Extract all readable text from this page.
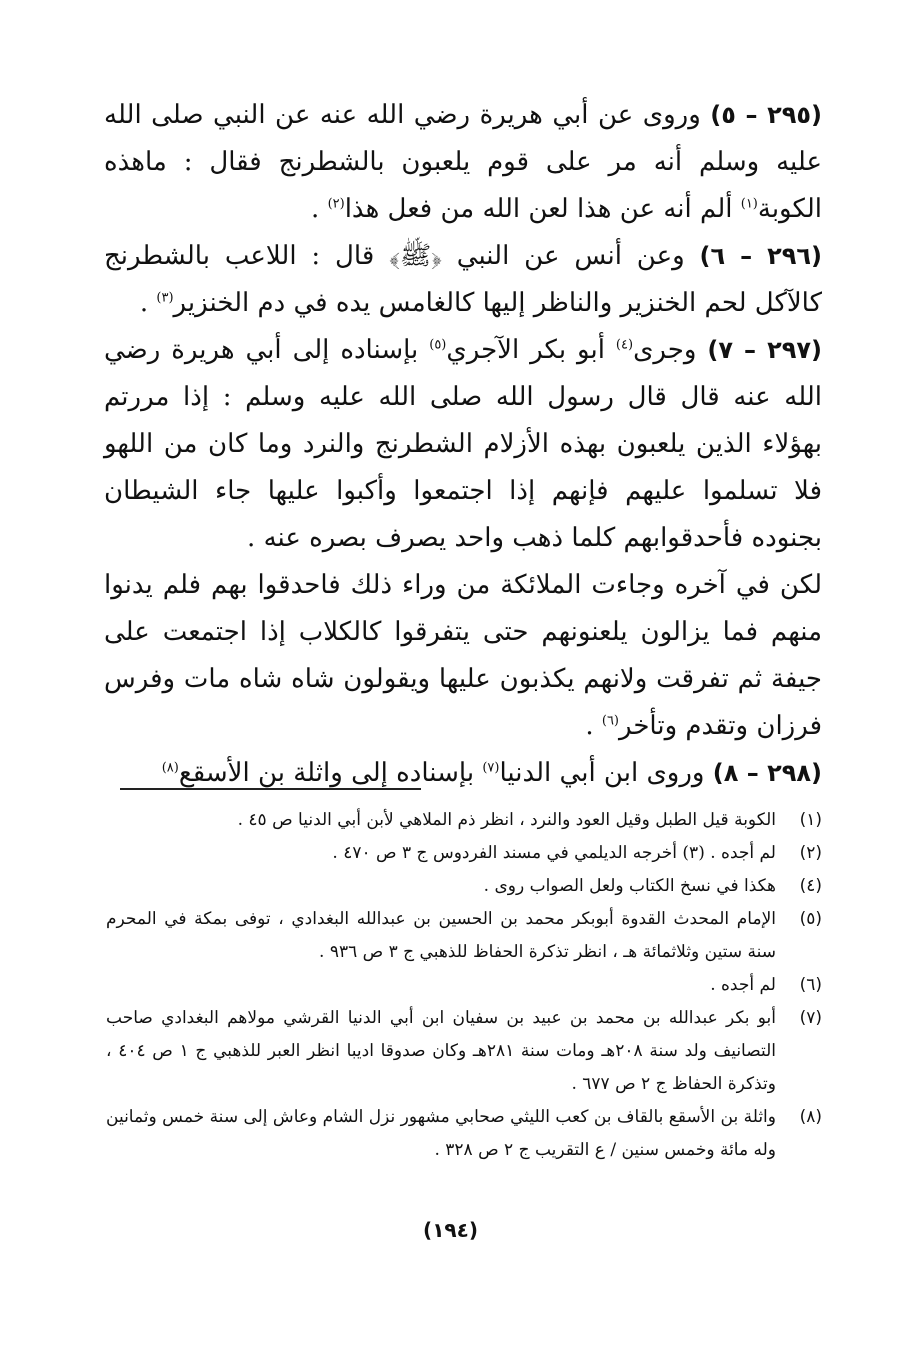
(٢٩٥ – ٥) وروى عن أبي هريرة رضي الله عنه عن النبي صلى الله عليه وسلم أنه مر على قوم يلعبون بالشطرنج فقال : ماهذه الكوبة$^{(١)}$ ألم أنه عن هذا لعن الله من فعل هذا$^{(٢)}$ .

(٢٩٦ – ٦) وعن أنس عن النبي ﴿ﷺ﴾ قال : اللاعب بالشطرنج كالآكل لحم الخنزير والناظر إليها كالغامس يده في دم الخنزير$^{(٣)}$ .

(٢٩٧ – ٧) وجرى$^{(٤)}$ أبو بكر الآجري$^{(٥)}$ بإسناده إلى أبي هريرة رضي الله عنه قال قال رسول الله صلى الله عليه وسلم : إذا مررتم بهؤلاء الذين يلعبون بهذه الأزلام الشطرنج والنرد وما كان من اللهو فلا تسلموا عليهم فإنهم إذا اجتمعوا وأكبوا عليها جاء الشيطان بجنوده فأحدقوابهم كلما ذهب واحد يصرف بصره عنه .

لكن في آخره وجاءت الملائكة من وراء ذلك فاحدقوا بهم فلم يدنوا منهم فما يزالون يلعنونهم حتى يتفرقوا كالكلاب إذا اجتمعت على جيفة ثم تفرقت ولانهم يكذبون عليها ويقولون شاه شاه مات وفرس فرزان وتقدم وتأخر$^{(٦)}$ .

(٢٩٨ – ٨) وروى ابن أبي الدنيا$^{(٧)}$ بإسناده إلى واثلة بن الأسقع$^{(٨)}$

(١)
الكوبة قيل الطبل وقيل العود والنرد ، انظر ذم الملاهي لأبن أبي الدنيا ص ٤٥ .
(٢)
لم أجده . (٣) أخرجه الديلمي في مسند الفردوس ج ٣ ص ٤٧٠ .
(٤)
هكذا في نسخ الكتاب ولعل الصواب روى .
(٥)
الإمام المحدث القدوة أبوبكر محمد بن الحسين بن عبدالله البغدادي ، توفى بمكة في المحرم سنة ستين وثلاثمائة هـ ، انظر تذكرة الحفاظ للذهبي ج ٣ ص ٩٣٦ .
(٦)
لم أجده .
(٧)
أبو بكر عبدالله بن محمد بن عبيد بن سفيان ابن أبي الدنيا القرشي مولاهم البغدادي صاحب التصانيف ولد سنة ٢٠٨هـ ومات سنة ٢٨١هـ وكان صدوقا اديبا انظر العبر للذهبي ج ١ ص ٤٠٤ ، وتذكرة الحفاظ ج ٢ ص ٦٧٧ .
(٨)
واثلة بن الأسقع بالقاف بن كعب الليثي صحابي مشهور نزل الشام وعاش إلى سنة خمس وثمانين وله مائة وخمس سنين / ع التقريب ج ٢ ص ٣٢٨ .
(١٩٤)
